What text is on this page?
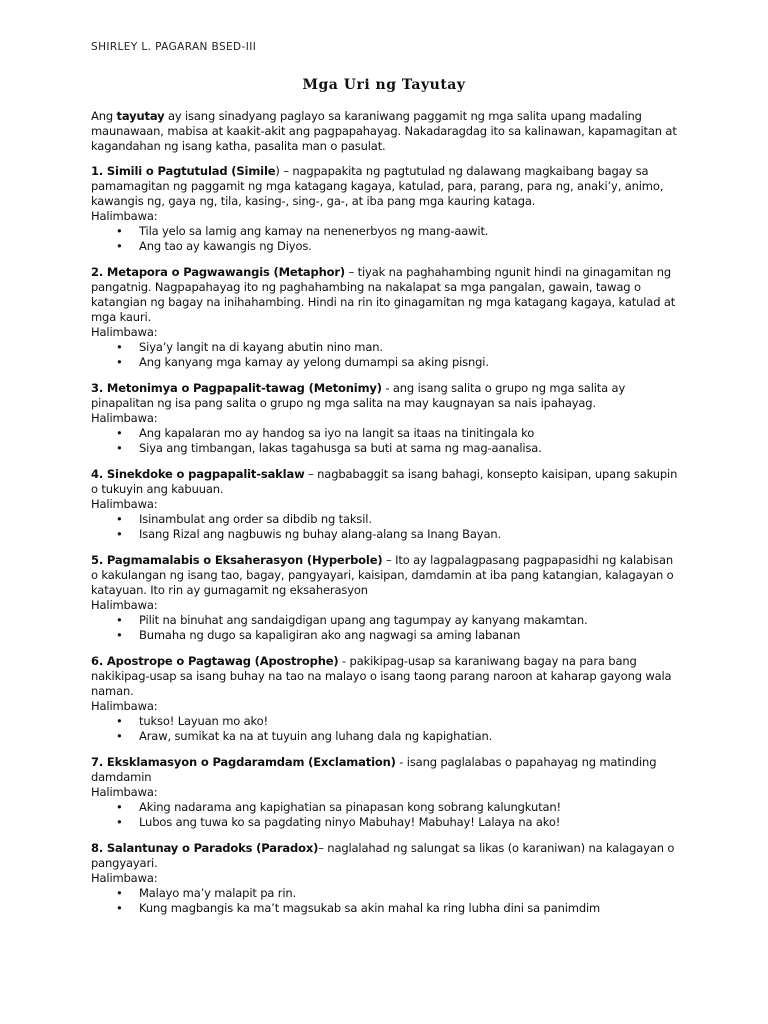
SHIRLEY L. PAGARAN BSED-III
Mga Uri ng Tayutay

Ang tayutay ay isang sinadyang paglayo sa karaniwang paggamit ng mga salita upang madaling maunawaan, mabisa at kaakit-akit ang pagpapahayag. Nakadaragdag ito sa kalinawan, kapamagitan at kagandahan ng isang katha, pasalita man o pasulat.

1. Simili o Pagtutulad (Simile) – nagpapakita ng pagtutulad ng dalawang magkaibang bagay sa pamamagitan ng paggamit ng mga katagang kagaya, katulad, para, parang, para ng, anaki’y, animo, kawangis ng, gaya ng, tila, kasing-, sing-, ga-, at iba pang mga kauring kataga.

Halimbawa:

• Tila yelo sa lamig ang kamay na nenenerbyos ng mang-aawit.
• Ang tao ay kawangis ng Diyos.

2. Metapora o Pagwawangis (Metaphor) – tiyak na paghahambing ngunit hindi na ginagamitan ng pangatnig. Nagpapahayag ito ng paghahambing na nakalapat sa mga pangalan, gawain, tawag o katangian ng bagay na inihahambing. Hindi na rin ito ginagamitan ng mga katagang kagaya, katulad at mga kauri.

Halimbawa:

• Siya’y langit na di kayang abutin nino man.
• Ang kanyang mga kamay ay yelong dumampi sa aking pisngi.

3. Metonimya o Pagpapalit-tawag (Metonimy) - ang isang salita o grupo ng mga salita ay pinapalitan ng isa pang salita o grupo ng mga salita na may kaugnayan sa nais ipahayag.

Halimbawa:

• Ang kapalaran mo ay handog sa iyo na langit sa itaas na tinitingala ko
• Siya ang timbangan, lakas tagahusga sa buti at sama ng mag-aanalisa.

4. Sinekdoke o pagpapalit-saklaw – nagbabaggit sa isang bahagi, konsepto kaisipan, upang sakupin o tukuyin ang kabuuan.

Halimbawa:

• Isinambulat ang order sa dibdib ng taksil.
• Isang Rizal ang nagbuwis ng buhay alang-alang sa Inang Bayan.

5. Pagmamalabis o Eksaherasyon (Hyperbole) – Ito ay lagpalagpasang pagpapasidhi ng kalabisan o kakulangan ng isang tao, bagay, pangyayari, kaisipan, damdamin at iba pang katangian, kalagayan o katayuan. Ito rin ay gumagamit ng eksaherasyon

Halimbawa:

• Pilit na binuhat ang sandaigdigan upang ang tagumpay ay kanyang makamtan.
• Bumaha ng dugo sa kapaligiran ako ang nagwagi sa aming labanan

6. Apostrope o Pagtawag (Apostrophe) - pakikipag-usap sa karaniwang bagay na para bang nakikipag-usap sa isang buhay na tao na malayo o isang taong parang naroon at kaharap gayong wala naman.

Halimbawa:

• tukso! Layuan mo ako!
• Araw, sumikat ka na at tuyuin ang luhang dala ng kapighatian.

7. Eksklamasyon o Pagdaramdam (Exclamation) - isang paglalabas o papahayag ng matinding damdamin

Halimbawa:

• Aking nadarama ang kapighatian sa pinapasan kong sobrang kalungkutan!
• Lubos ang tuwa ko sa pagdating ninyo Mabuhay! Mabuhay! Lalaya na ako!

8. Salantunay o Paradoks (Paradox)– naglalahad ng salungat sa likas (o karaniwan) na kalagayan o pangyayari.

Halimbawa:

• Malayo ma’y malapit pa rin.
• Kung magbangis ka ma’t magsukab sa akin mahal ka ring lubha dini sa panimdim
